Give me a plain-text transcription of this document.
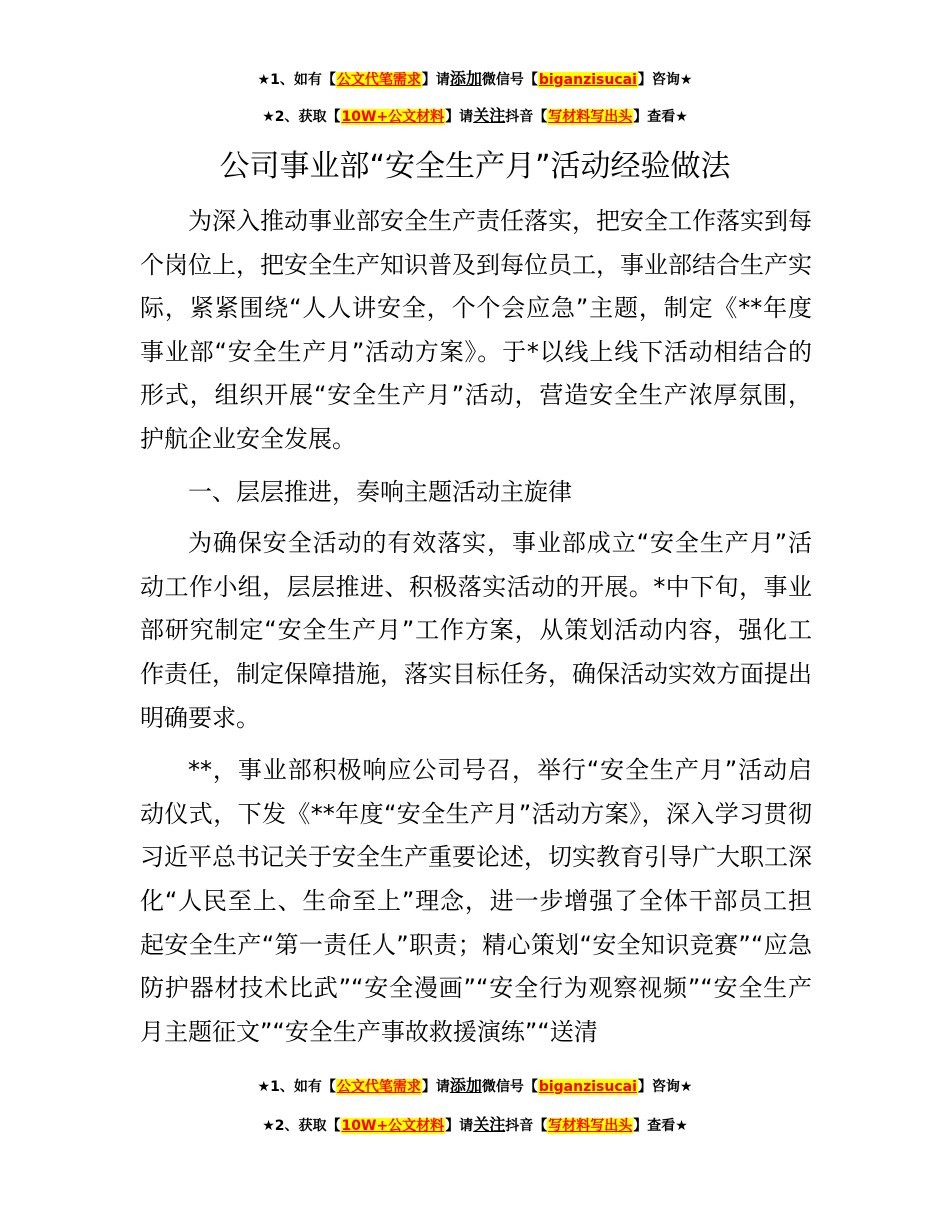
★1、如有【公文代笔需求】请添加微信号【biganzisucai】咨询★
★2、获取【10W+公文材料】请关注抖音【写材料写出头】查看★
公司事业部“安全生产月”活动经验做法

为深入推动事业部安全生产责任落实，把安全工作落实到每个岗位上，把安全生产知识普及到每位员工，事业部结合生产实际，紧紧围绕“人人讲安全，个个会应急”主题，制定《**年度事业部“安全生产月”活动方案》。于*以线上线下活动相结合的形式，组织开展“安全生产月”活动，营造安全生产浓厚氛围，护航企业安全发展。

一、层层推进，奏响主题活动主旋律

为确保安全活动的有效落实，事业部成立“安全生产月”活动工作小组，层层推进、积极落实活动的开展。*中下旬，事业部研究制定“安全生产月”工作方案，从策划活动内容，强化工作责任，制定保障措施，落实目标任务，确保活动实效方面提出明确要求。

**，事业部积极响应公司号召，举行“安全生产月”活动启动仪式，下发《**年度“安全生产月”活动方案》，深入学习贯彻习近平总书记关于安全生产重要论述，切实教育引导广大职工深化“人民至上、生命至上”理念，进一步增强了全体干部员工担起安全生产“第一责任人”职责；精心策划“安全知识竞赛”“应急防护器材技术比武”“安全漫画”“安全行为观察视频”“安全生产月主题征文”“安全生产事故救援演练”“送清

★1、如有【公文代笔需求】请添加微信号【biganzisucai】咨询★
★2、获取【10W+公文材料】请关注抖音【写材料写出头】查看★
